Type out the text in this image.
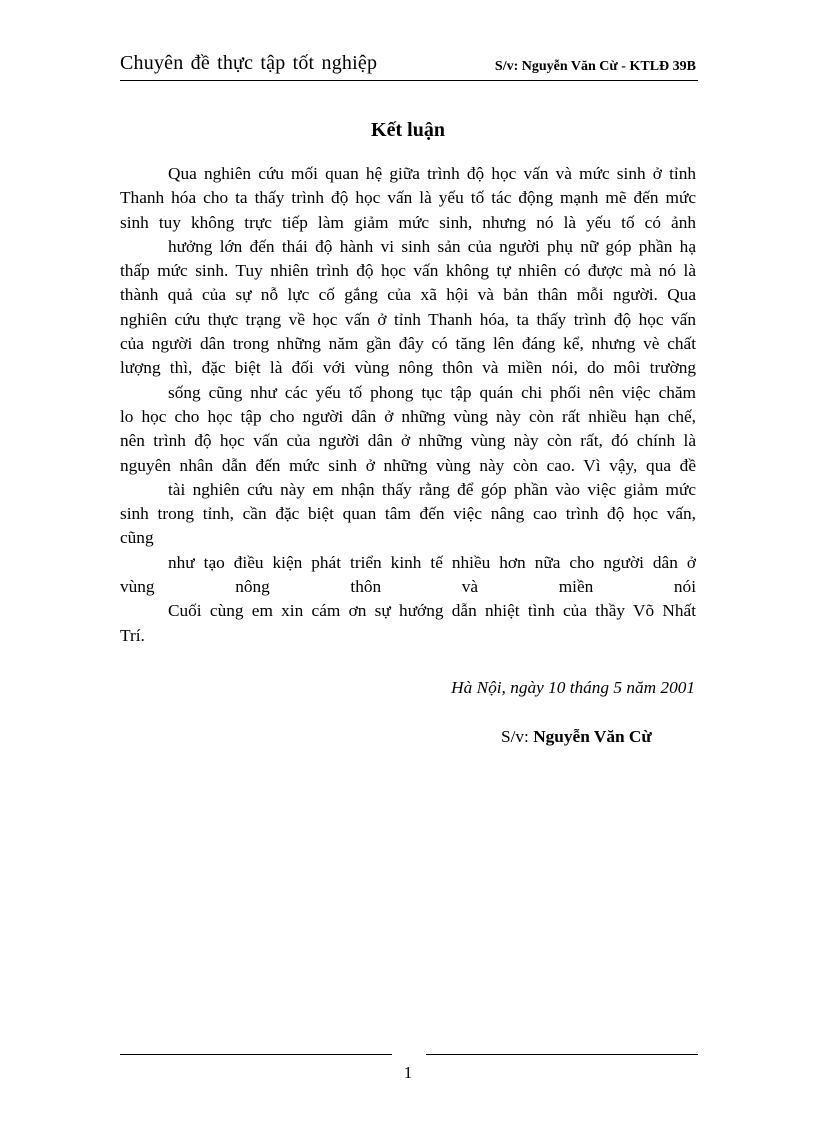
Chuyên đề thực tập tốt nghiệp	S/v: Nguyễn Văn Cừ - KTLĐ 39B
Kết luận
Qua nghiên cứu mối quan hệ giữa trình độ học vấn và mức sinh ở tỉnh
Thanh hóa cho ta thấy trình độ học vấn là yếu tố tác động mạnh mẽ đến mức
sinh tuy không trực tiếp làm giảm mức sinh, nhưng nó là yếu tố có ảnh
hưởng lớn đến thái độ hành vi sinh sản của người phụ nữ góp phần hạ
thấp mức sinh. Tuy nhiên trình độ học vấn không tự nhiên có được mà nó là
thành quả của sự nỗ lực cố gắng của xã hội và bản thân mỗi người. Qua
nghiên cứu thực trạng về học vấn ở tỉnh Thanh hóa, ta thấy trình độ học vấn
của người dân trong những năm gần đây có tăng lên đáng kể, nhưng vè chất
lượng thì, đặc biệt là đối với vùng nông thôn và miền nói, do môi trường
sống cũng như các yếu tố phong tục tập quán chi phối nên việc chăm
lo học cho học tập cho người dân ở những vùng này còn rất nhiều hạn chế,
nên trình độ học vấn của người dân ở những vùng này còn rất, đó chính là
nguyên nhân dẫn đến mức sinh ở những vùng này còn cao. Vì vậy, qua đề
tài nghiên cứu này em nhận thấy rằng để góp phần vào việc giảm mức
sinh trong tỉnh, cần đặc biệt quan tâm đến việc nâng cao trình độ học vấn,
cũng
như tạo điều kiện phát triển kinh tế nhiều hơn nữa cho người dân ở
vùng nông thôn và miền nói
Cuối cùng em xin cám ơn sự hướng dẫn nhiệt tình của thầy Võ Nhất
Trí.
Hà Nội, ngày 10 tháng 5 năm 2001
S/v: Nguyễn Văn Cừ
1
